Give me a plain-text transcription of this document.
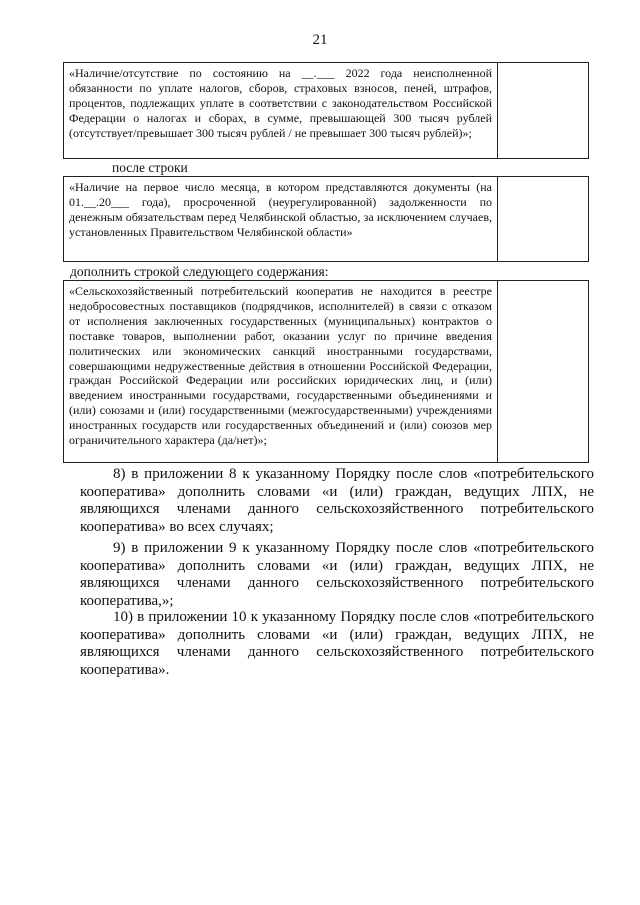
21
«Наличие/отсутствие по состоянию на __.___ 2022 года неисполненной обязанности по уплате налогов, сборов, страховых взносов, пеней, штрафов, процентов, подлежащих уплате в соответствии с законодательством Российской Федерации о налогах и сборах, в сумме, превышающей 300 тысяч рублей (отсутствует/превышает 300 тысяч рублей / не превышает 300 тысяч рублей)»;
после строки
«Наличие на первое число месяца, в котором представляются документы (на 01.__.20___ года), просроченной (неурегулированной) задолженности по денежным обязательствам перед Челябинской областью, за исключением случаев, установленных Правительством Челябинской области»
дополнить строкой следующего содержания:
«Сельскохозяйственный потребительский кооператив не находится в реестре недобросовестных поставщиков (подрядчиков, исполнителей) в связи с отказом от исполнения заключенных государственных (муниципальных) контрактов о поставке товаров, выполнении работ, оказании услуг по причине введения политических или экономических санкций иностранными государствами, совершающими недружественные действия в отношении Российской Федерации, граждан Российской Федерации или российских юридических лиц, и (или) введением иностранными государствами, государственными объединениями и (или) союзами и (или) государственными (межгосударственными) учреждениями иностранных государств или государственных объединений и (или) союзов мер ограничительного характера (да/нет)»;

8) в приложении 8 к указанному Порядку после слов «потребительского кооператива» дополнить словами «и (или) граждан, ведущих ЛПХ, не являющихся членами данного сельскохозяйственного потребительского кооператива» во всех случаях;

9) в приложении 9 к указанному Порядку после слов «потребительского кооператива» дополнить словами «и (или) граждан, ведущих ЛПХ, не являющихся членами данного сельскохозяйственного потребительского кооператива,»;

10) в приложении 10 к указанному Порядку после слов «потребительского кооператива» дополнить словами «и (или) граждан, ведущих ЛПХ, не являющихся членами данного сельскохозяйственного потребительского кооператива».
